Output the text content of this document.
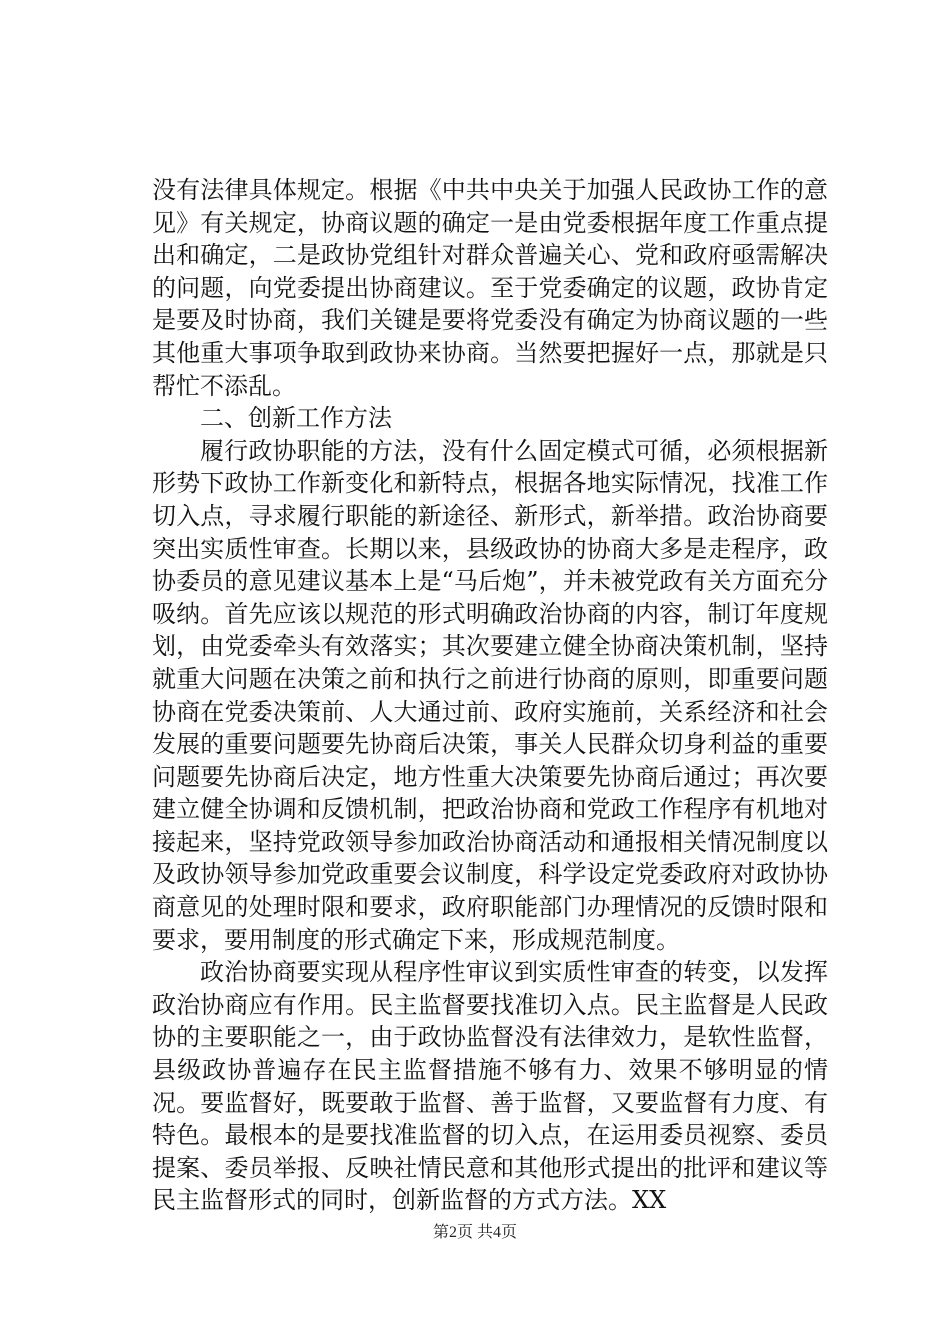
没有法律具体规定。根据《中共中央关于加强人民政协工作的意见》有关规定，协商议题的确定一是由党委根据年度工作重点提出和确定，二是政协党组针对群众普遍关心、党和政府亟需解决的问题，向党委提出协商建议。至于党委确定的议题，政协肯定是要及时协商，我们关键是要将党委没有确定为协商议题的一些其他重大事项争取到政协来协商。当然要把握好一点，那就是只帮忙不添乱。

二、创新工作方法

履行政协职能的方法，没有什么固定模式可循，必须根据新形势下政协工作新变化和新特点，根据各地实际情况，找准工作切入点，寻求履行职能的新途径、新形式，新举措。政治协商要突出实质性审查。长期以来，县级政协的协商大多是走程序，政协委员的意见建议基本上是“马后炮”，并未被党政有关方面充分吸纳。首先应该以规范的形式明确政治协商的内容，制订年度规划，由党委牵头有效落实；其次要建立健全协商决策机制，坚持就重大问题在决策之前和执行之前进行协商的原则，即重要问题协商在党委决策前、人大通过前、政府实施前，关系经济和社会发展的重要问题要先协商后决策，事关人民群众切身利益的重要问题要先协商后决定，地方性重大决策要先协商后通过；再次要建立健全协调和反馈机制，把政治协商和党政工作程序有机地对接起来，坚持党政领导参加政治协商活动和通报相关情况制度以及政协领导参加党政重要会议制度，科学设定党委政府对政协协商意见的处理时限和要求，政府职能部门办理情况的反馈时限和要求，要用制度的形式确定下来，形成规范制度。

政治协商要实现从程序性审议到实质性审查的转变，以发挥政治协商应有作用。民主监督要找准切入点。民主监督是人民政协的主要职能之一，由于政协监督没有法律效力，是软性监督，县级政协普遍存在民主监督措施不够有力、效果不够明显的情况。要监督好，既要敢于监督、善于监督，又要监督有力度、有特色。最根本的是要找准监督的切入点，在运用委员视察、委员提案、委员举报、反映社情民意和其他形式提出的批评和建议等民主监督形式的同时，创新监督的方式方法。XX

第2页 共4页
